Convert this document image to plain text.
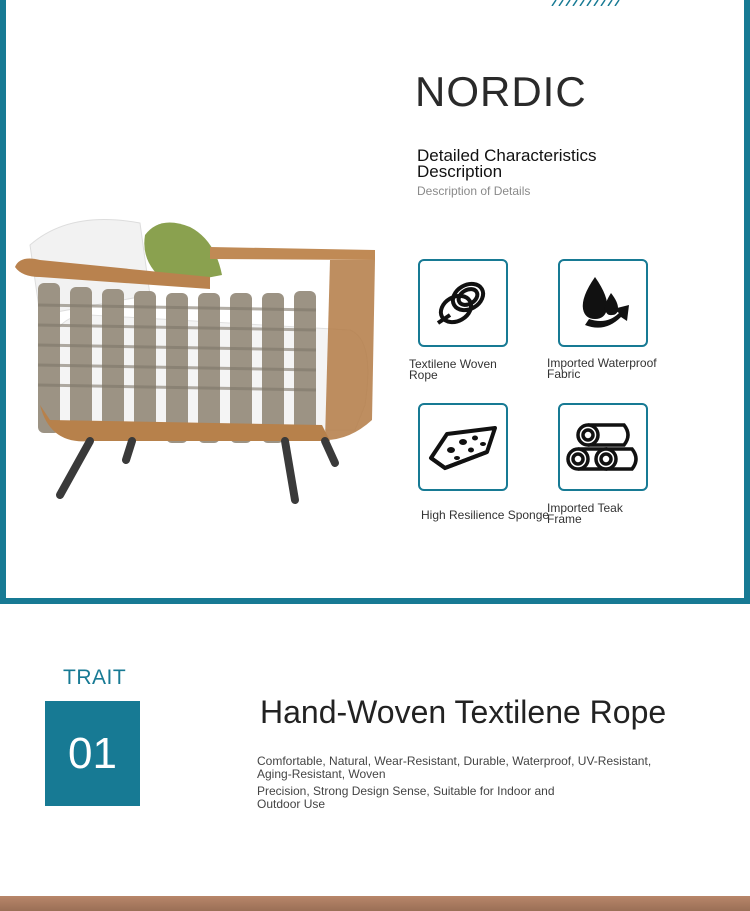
NORDIC
Detailed Characteristics Description
Description of Details
Textilene Woven Rope
Imported Waterproof Fabric
High Resilience Sponge
Imported Teak Frame
TRAIT
01
Hand-Woven Textilene Rope
Comfortable, Natural, Wear-Resistant, Durable, Waterproof, UV-Resistant, Aging-Resistant, Woven
Precision, Strong Design Sense, Suitable for Indoor and Outdoor Use
